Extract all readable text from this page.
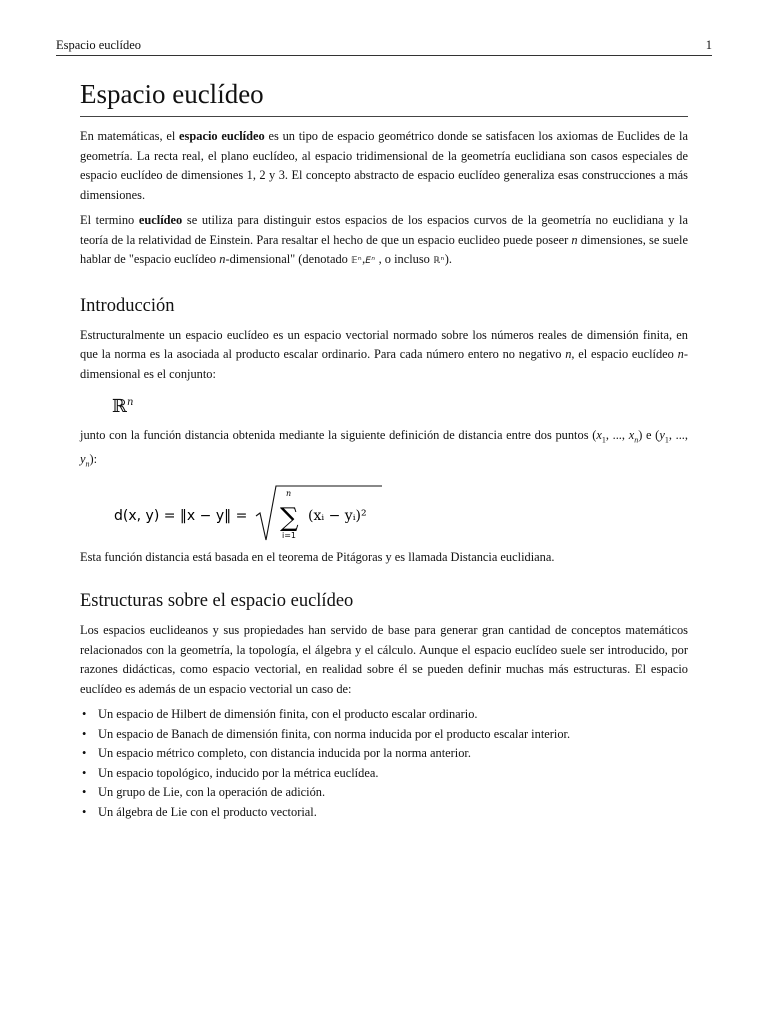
Espacio euclídeo	1
Espacio euclídeo

En matemáticas, el espacio euclídeo es un tipo de espacio geométrico donde se satisfacen los axiomas de Euclides de la geometría. La recta real, el plano euclídeo, al espacio tridimensional de la geometría euclidiana son casos especiales de espacio euclídeo de dimensiones 1, 2 y 3. El concepto abstracto de espacio euclídeo generaliza esas construcciones a más dimensiones.

El termino euclídeo se utiliza para distinguir estos espacios de los espacios curvos de la geometría no euclidiana y la teoría de la relatividad de Einstein. Para resaltar el hecho de que un espacio euclideo puede poseer n dimensiones, se suele hablar de "espacio euclídeo n-dimensional" (denotado 𝔼ⁿ,Eⁿ , o incluso ℝⁿ).

Introducción

Estructuralmente un espacio euclídeo es un espacio vectorial normado sobre los números reales de dimensión finita, en que la norma es la asociada al producto escalar ordinario. Para cada número entero no negativo n, el espacio euclídeo n-dimensional es el conjunto:

ℝ$^n$

junto con la función distancia obtenida mediante la siguiente definición de distancia entre dos puntos ($x_1$, ..., $x_n$) e ($y_1$, ..., $y_n$):

d(x, y) = ‖x − y‖ =
n
∑
i=1
(xᵢ − yᵢ)²

Esta función distancia está basada en el teorema de Pitágoras y es llamada Distancia euclidiana.

Estructuras sobre el espacio euclídeo

Los espacios euclideanos y sus propiedades han servido de base para generar gran cantidad de conceptos matemáticos relacionados con la geometría, la topología, el álgebra y el cálculo. Aunque el espacio euclídeo suele ser introducido, por razones didácticas, como espacio vectorial, en realidad sobre él se pueden definir muchas más estructuras. El espacio euclídeo es además de un espacio vectorial un caso de:

• Un espacio de Hilbert de dimensión finita, con el producto escalar ordinario.
• Un espacio de Banach de dimensión finita, con norma inducida por el producto escalar interior.
• Un espacio métrico completo, con distancia inducida por la norma anterior.
• Un espacio topológico, inducido por la métrica euclídea.
• Un grupo de Lie, con la operación de adición.
• Un álgebra de Lie con el producto vectorial.
